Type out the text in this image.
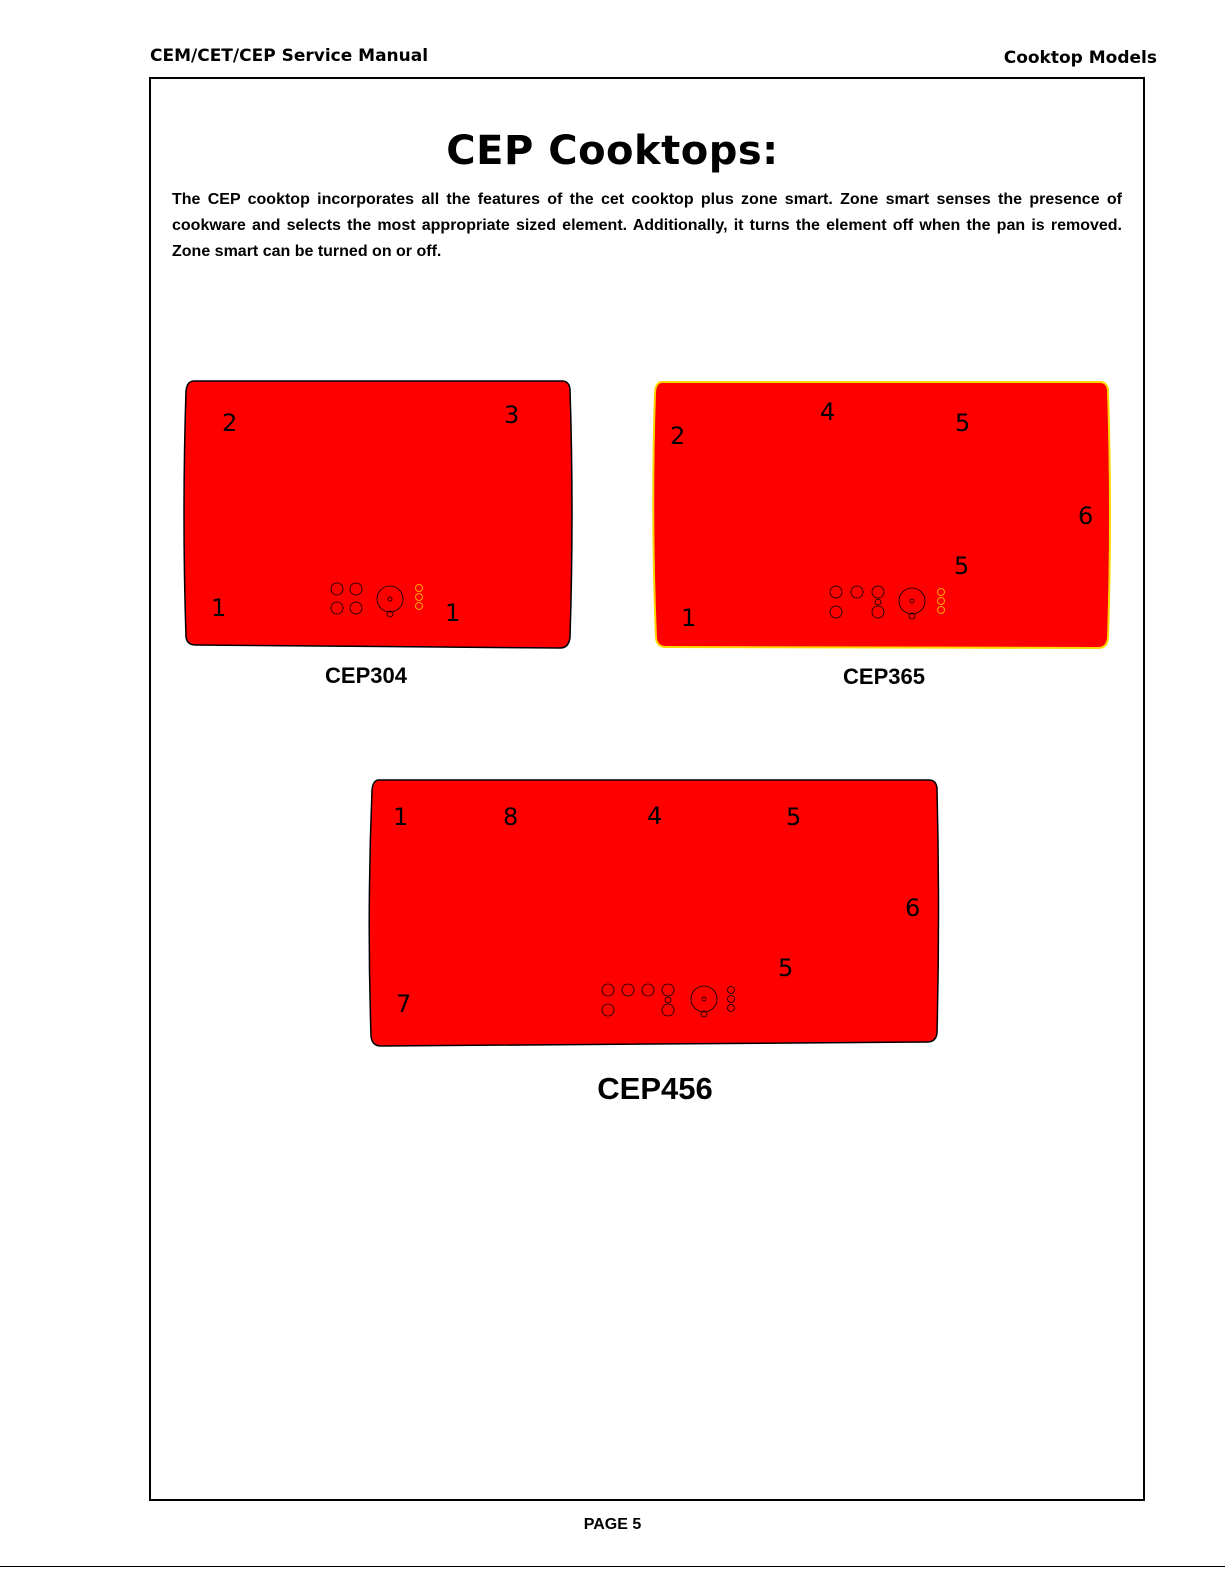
CEM/CET/CEP Service Manual	Cooktop Models
CEP Cooktops:
The CEP cooktop incorporates all the features of the cet cooktop plus zone smart. Zone smart senses the presence of cookware and selects the most appropriate sized element. Additionally, it turns the element off when the pan is removed. Zone smart can be turned on or off.
2	3
1	1
CEP304
4
2	5
6
5
1
CEP365
1	8	4	5
6
5
7
CEP456
PAGE 5
